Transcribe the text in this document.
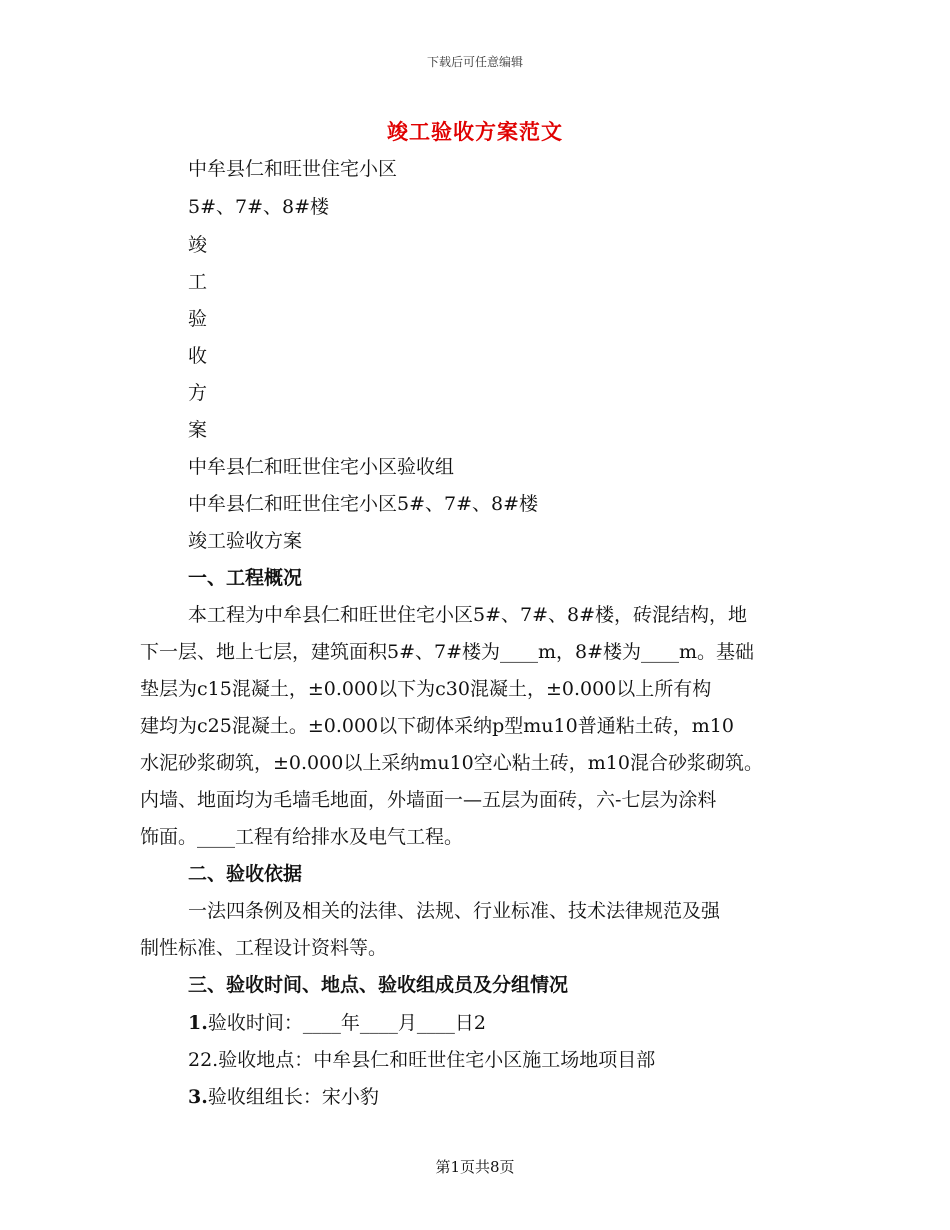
下载后可任意编辑
竣工验收方案范文
中牟县仁和旺世住宅小区
5#、7#、8#楼
竣
工
验
收
方
案
中牟县仁和旺世住宅小区验收组
中牟县仁和旺世住宅小区5#、7#、8#楼
竣工验收方案
一、工程概况
本工程为中牟县仁和旺世住宅小区5#、7#、8#楼，砖混结构，地
下一层、地上七层，建筑面积5#、7#楼为____m，8#楼为____m。基础
垫层为c15混凝土，±0.000以下为c30混凝土，±0.000以上所有构
建均为c25混凝土。±0.000以下砌体采纳p型mu10普通粘土砖，m10
水泥砂浆砌筑，±0.000以上采纳mu10空心粘土砖，m10混合砂浆砌筑。
内墙、地面均为毛墙毛地面，外墙面一—五层为面砖，六-七层为涂料
饰面。____工程有给排水及电气工程。
二、验收依据
一法四条例及相关的法律、法规、行业标准、技术法律规范及强
制性标准、工程设计资料等。
三、验收时间、地点、验收组成员及分组情况
1.验收时间：____年____月____日2
22.验收地点：中牟县仁和旺世住宅小区施工场地项目部
3.验收组组长：宋小豹
第1页共8页
